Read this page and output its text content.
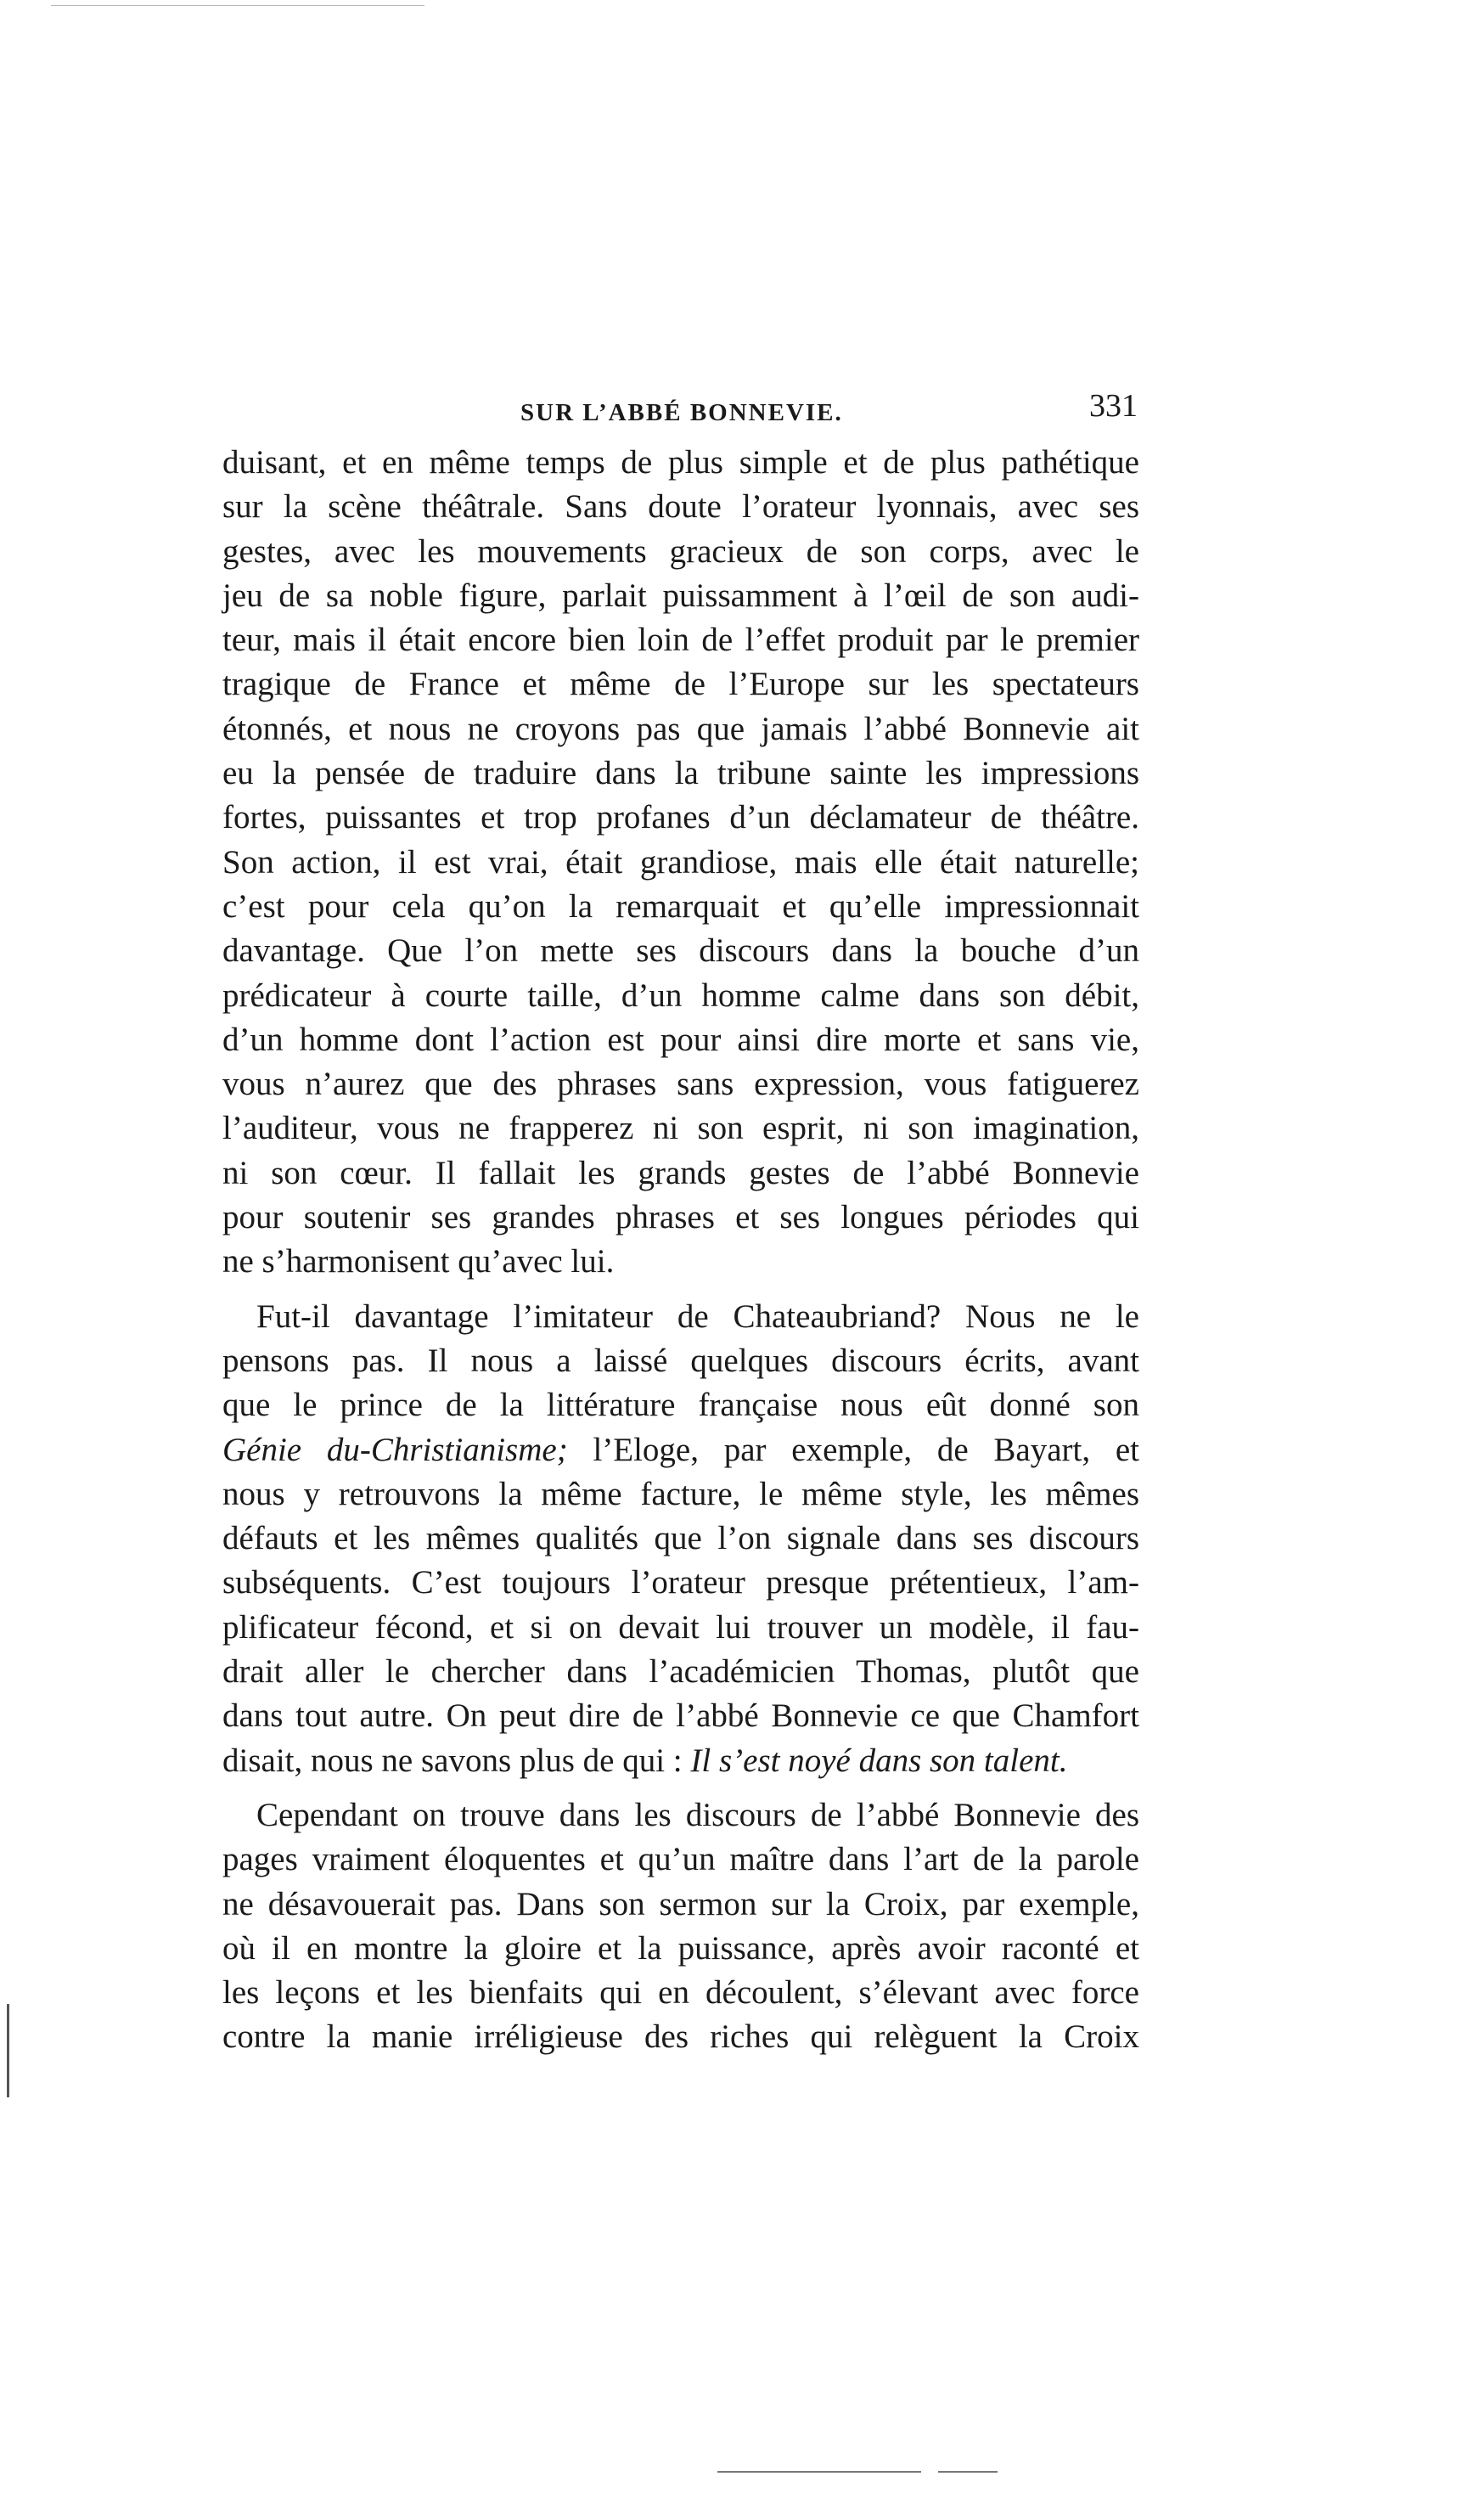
SUR L’ABBÉ BONNEVIE.	331
duisant, et en même temps de plus simple et de plus pathétique
sur la scène théâtrale. Sans doute l’orateur lyonnais, avec ses
gestes, avec les mouvements gracieux de son corps, avec le
jeu de sa noble figure, parlait puissamment à l’œil de son audi-
teur, mais il était encore bien loin de l’effet produit par le premier
tragique de France et même de l’Europe sur les spectateurs
étonnés, et nous ne croyons pas que jamais l’abbé Bonnevie ait
eu la pensée de traduire dans la tribune sainte les impressions
fortes, puissantes et trop profanes d’un déclamateur de théâtre.
Son action, il est vrai, était grandiose, mais elle était naturelle;
c’est pour cela qu’on la remarquait et qu’elle impressionnait
davantage. Que l’on mette ses discours dans la bouche d’un
prédicateur à courte taille, d’un homme calme dans son débit,
d’un homme dont l’action est pour ainsi dire morte et sans vie,
vous n’aurez que des phrases sans expression, vous fatiguerez
l’auditeur, vous ne frapperez ni son esprit, ni son imagination,
ni son cœur. Il fallait les grands gestes de l’abbé Bonnevie
pour soutenir ses grandes phrases et ses longues périodes qui
ne s’harmonisent qu’avec lui.
Fut-il davantage l’imitateur de Chateaubriand? Nous ne le
pensons pas. Il nous a laissé quelques discours écrits, avant
que le prince de la littérature française nous eût donné son
Génie du-Christianisme; l’Eloge, par exemple, de Bayart, et
nous y retrouvons la même facture, le même style, les mêmes
défauts et les mêmes qualités que l’on signale dans ses discours
subséquents. C’est toujours l’orateur presque prétentieux, l’am-
plificateur fécond, et si on devait lui trouver un modèle, il fau-
drait aller le chercher dans l’académicien Thomas, plutôt que
dans tout autre. On peut dire de l’abbé Bonnevie ce que Chamfort
disait, nous ne savons plus de qui : Il s’est noyé dans son talent.
Cependant on trouve dans les discours de l’abbé Bonnevie des
pages vraiment éloquentes et qu’un maître dans l’art de la parole
ne désavouerait pas. Dans son sermon sur la Croix, par exemple,
où il en montre la gloire et la puissance, après avoir raconté et
les leçons et les bienfaits qui en découlent, s’élevant avec force
contre la manie irréligieuse des riches qui relèguent la Croix
